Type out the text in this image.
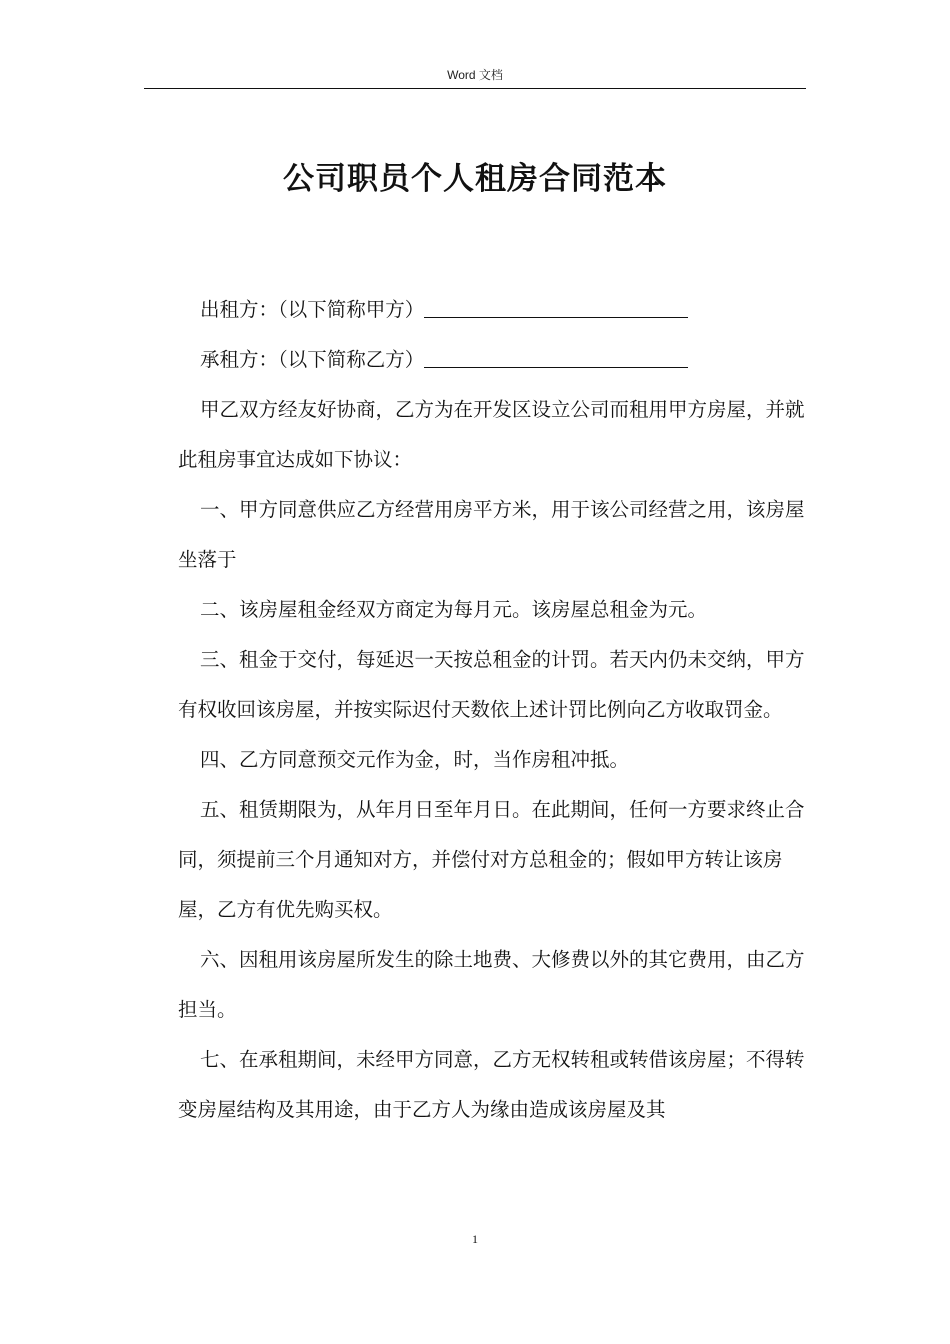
Word 文档
公司职员个人租房合同范本

出租方：（以下简称甲方）

承租方：（以下简称乙方）

甲乙双方经友好协商，乙方为在开发区设立公司而租用甲方房屋，并就此租房事宜达成如下协议：

一、甲方同意供应乙方经营用房平方米，用于该公司经营之用，该房屋坐落于

二、该房屋租金经双方商定为每月元。该房屋总租金为元。

三、租金于交付，每延迟一天按总租金的计罚。若天内仍未交纳，甲方有权收回该房屋，并按实际迟付天数依上述计罚比例向乙方收取罚金。

四、乙方同意预交元作为金，时，当作房租冲抵。

五、租赁期限为，从年月日至年月日。在此期间，任何一方要求终止合同，须提前三个月通知对方，并偿付对方总租金的；假如甲方转让该房屋，乙方有优先购买权。

六、因租用该房屋所发生的除土地费、大修费以外的其它费用，由乙方担当。

七、在承租期间，未经甲方同意，乙方无权转租或转借该房屋；不得转变房屋结构及其用途，由于乙方人为缘由造成该房屋及其

1
